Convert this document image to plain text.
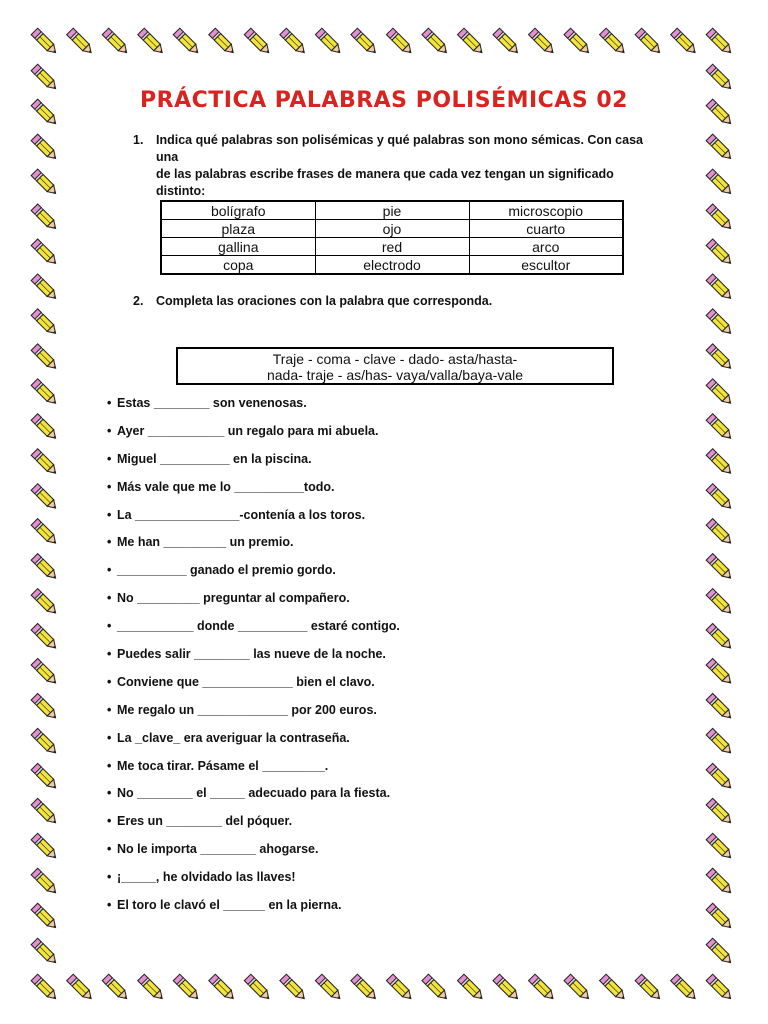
PRÁCTICA PALABRAS POLISÉMICAS 02
1.	Indica qué palabras son polisémicas y qué palabras son mono sémicas. Con casa una
de las palabras escribe frases de manera que cada vez tengan un significado distinto:
bolígrafo	pie	microscopio
plaza	ojo	cuarto
gallina	red	arco
copa	electrodo	escultor
2.	Completa las oraciones con la palabra que corresponda.
Traje - coma - clave - dado- asta/hasta-
nada- traje - as/has- vaya/valla/baya-vale
• Estas ________ son venenosas.
• Ayer ___________ un regalo para mi abuela.
• Miguel __________ en la piscina.
• Más vale que me lo __________todo.
• La _______________-contenía a los toros.
• Me han _________ un premio.
• __________ ganado el premio gordo.
• No _________ preguntar al compañero.
• ___________ donde __________ estaré contigo.
• Puedes salir ________ las nueve de la noche.
• Conviene que _____________ bien el clavo.
• Me regalo un _____________ por 200 euros.
• La _clave_ era averiguar la contraseña.
• Me toca tirar. Pásame el _________.
• No ________ el _____ adecuado para la fiesta.
• Eres un ________ del póquer.
• No le importa ________ ahogarse.
• ¡_____, he olvidado las llaves!
• El toro le clavó el ______ en la pierna.
